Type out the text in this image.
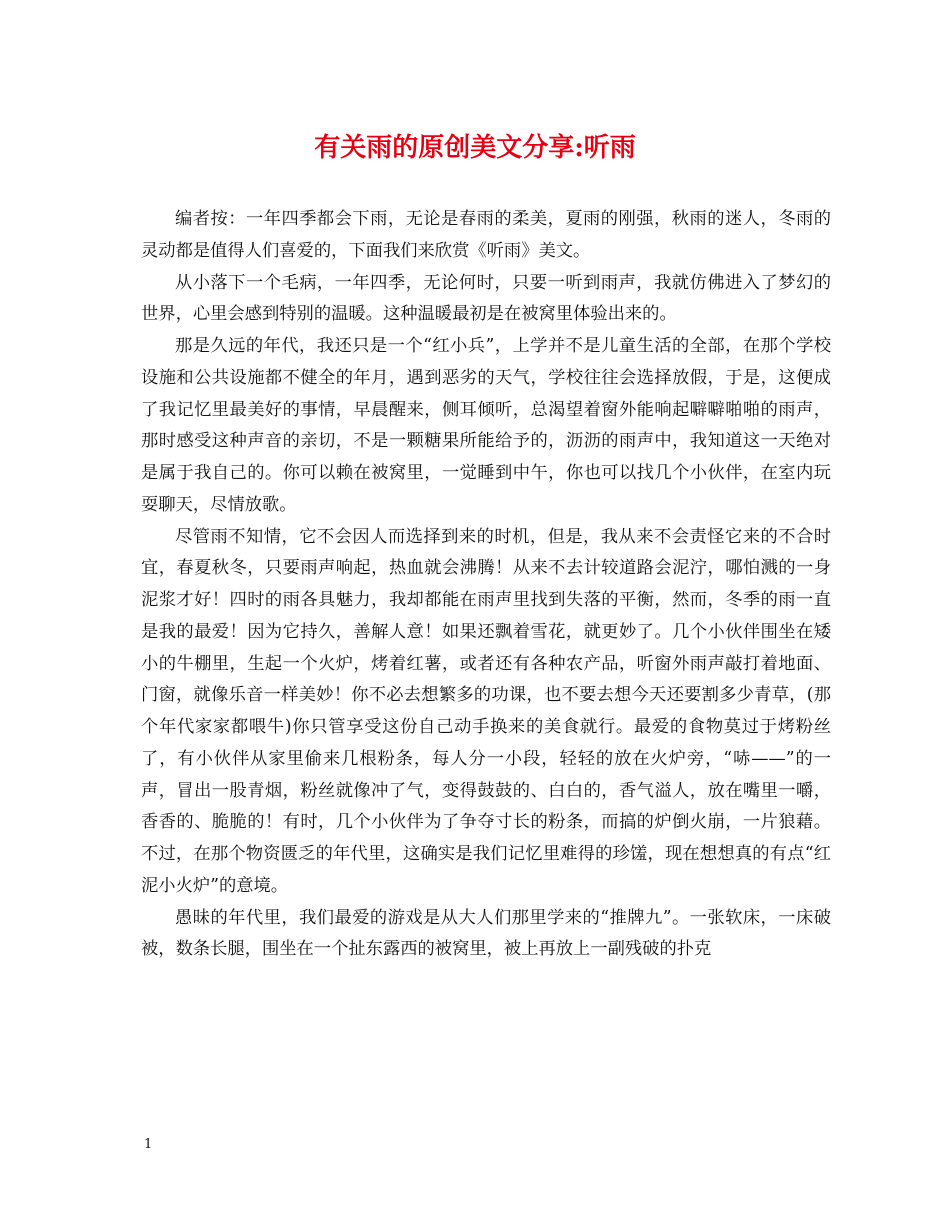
有关雨的原创美文分享:听雨

编者按：一年四季都会下雨，无论是春雨的柔美，夏雨的刚强，秋雨的迷人，冬雨的灵动都是值得人们喜爱的，下面我们来欣赏《听雨》美文。

从小落下一个毛病，一年四季，无论何时，只要一听到雨声，我就仿佛进入了梦幻的世界，心里会感到特别的温暖。这种温暖最初是在被窝里体验出来的。

那是久远的年代，我还只是一个“红小兵”，上学并不是儿童生活的全部，在那个学校设施和公共设施都不健全的年月，遇到恶劣的天气，学校往往会选择放假，于是，这便成了我记忆里最美好的事情，早晨醒来，侧耳倾听，总渴望着窗外能响起噼噼啪啪的雨声，那时感受这种声音的亲切，不是一颗糖果所能给予的，沥沥的雨声中，我知道这一天绝对是属于我自己的。你可以赖在被窝里，一觉睡到中午，你也可以找几个小伙伴，在室内玩耍聊天，尽情放歌。

尽管雨不知情，它不会因人而选择到来的时机，但是，我从来不会责怪它来的不合时宜，春夏秋冬，只要雨声响起，热血就会沸腾！从来不去计较道路会泥泞，哪怕溅的一身泥浆才好！四时的雨各具魅力，我却都能在雨声里找到失落的平衡，然而，冬季的雨一直是我的最爱！因为它持久，善解人意！如果还飘着雪花，就更妙了。几个小伙伴围坐在矮小的牛棚里，生起一个火炉，烤着红薯，或者还有各种农产品，听窗外雨声敲打着地面、门窗，就像乐音一样美妙！你不必去想繁多的功课，也不要去想今天还要割多少青草，(那个年代家家都喂牛)你只管享受这份自己动手换来的美食就行。最爱的食物莫过于烤粉丝了，有小伙伴从家里偷来几根粉条，每人分一小段，轻轻的放在火炉旁，“哧——”的一声，冒出一股青烟，粉丝就像冲了气，变得鼓鼓的、白白的，香气溢人，放在嘴里一嚼，香香的、脆脆的！有时，几个小伙伴为了争夺寸长的粉条，而搞的炉倒火崩，一片狼藉。不过，在那个物资匮乏的年代里，这确实是我们记忆里难得的珍馐，现在想想真的有点“红泥小火炉”的意境。

愚昧的年代里，我们最爱的游戏是从大人们那里学来的“推牌九”。一张软床，一床破被，数条长腿，围坐在一个扯东露西的被窝里，被上再放上一副残破的扑克

1
